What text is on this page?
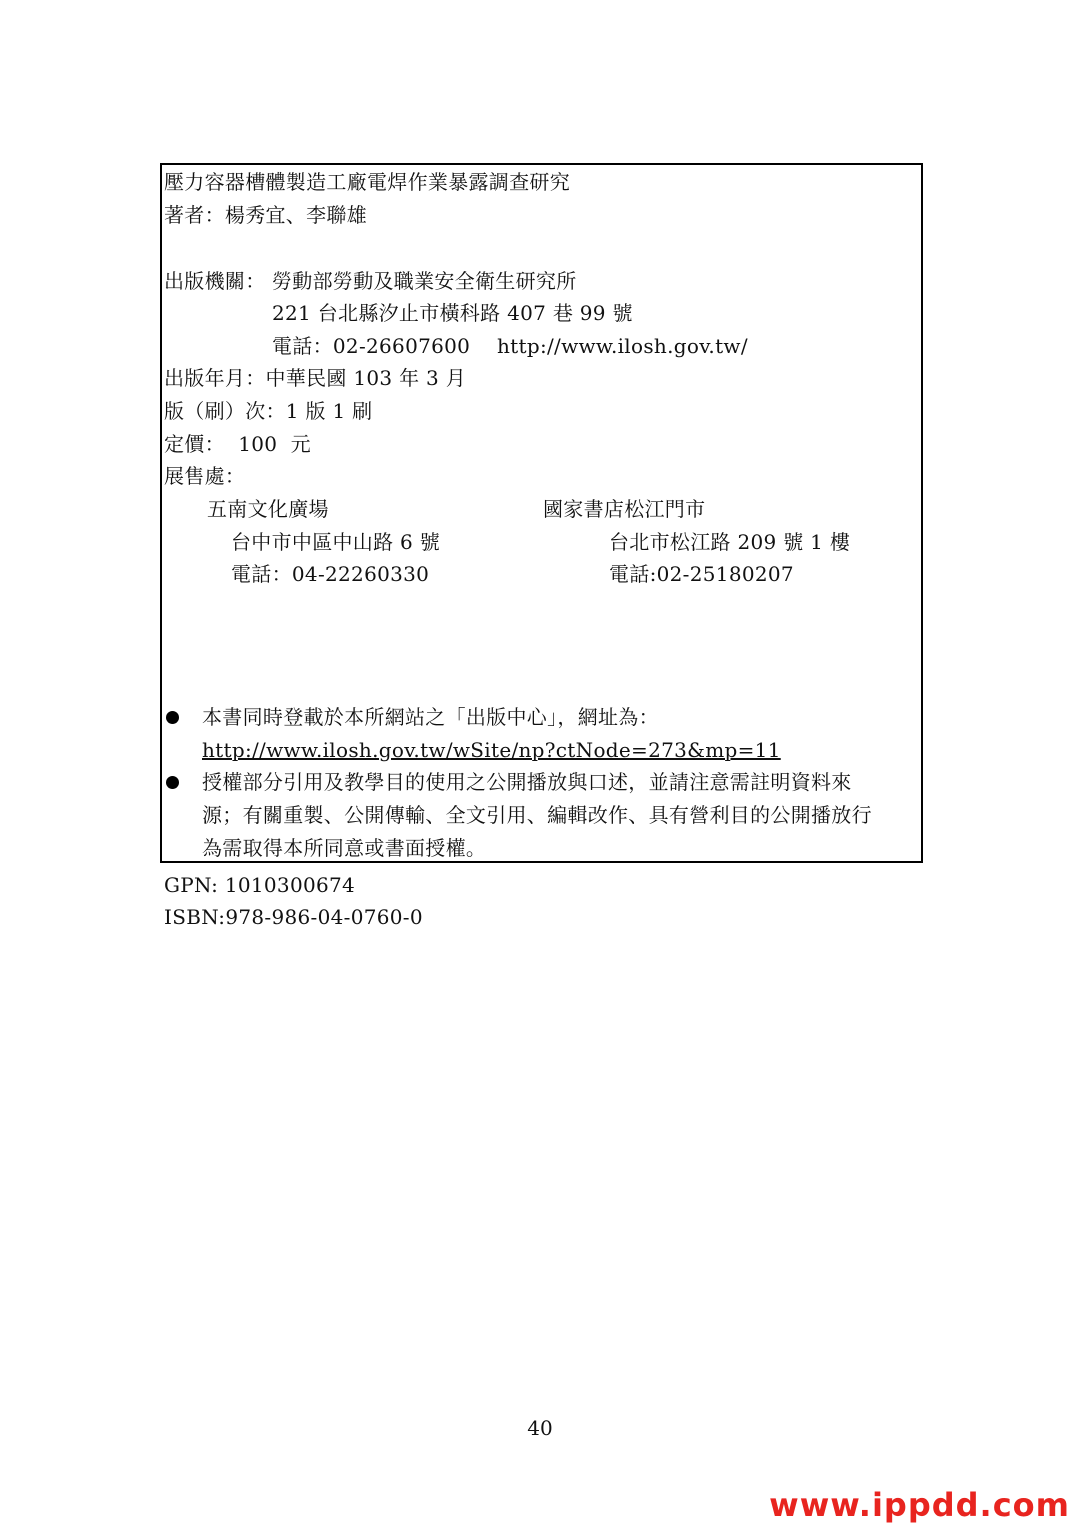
壓力容器槽體製造工廠電焊作業暴露調查研究
著者：楊秀宜、李聯雄
出版機關： 勞動部勞動及職業安全衛生研究所
221 台北縣汐止市橫科路 407 巷 99 號
電話：02-26607600 http://www.ilosh.gov.tw/
出版年月：中華民國 103 年 3 月
版（刷）次：1 版 1 刷
定價：  100  元
展售處：
五南文化廣場
台中市中區中山路 6 號
電話：04-22260330
國家書店松江門市
台北市松江路 209 號 1 樓
電話:02-25180207
本書同時登載於本所網站之「出版中心」，網址為：
http://www.ilosh.gov.tw/wSite/np?ctNode=273&mp=11
授權部分引用及教學目的使用之公開播放與口述，並請注意需註明資料來
源；有關重製、公開傳輸、全文引用、編輯改作、具有營利目的公開播放行
為需取得本所同意或書面授權。
GPN: 1010300674
ISBN:978-986-04-0760-0
40
www.ippdd.com
